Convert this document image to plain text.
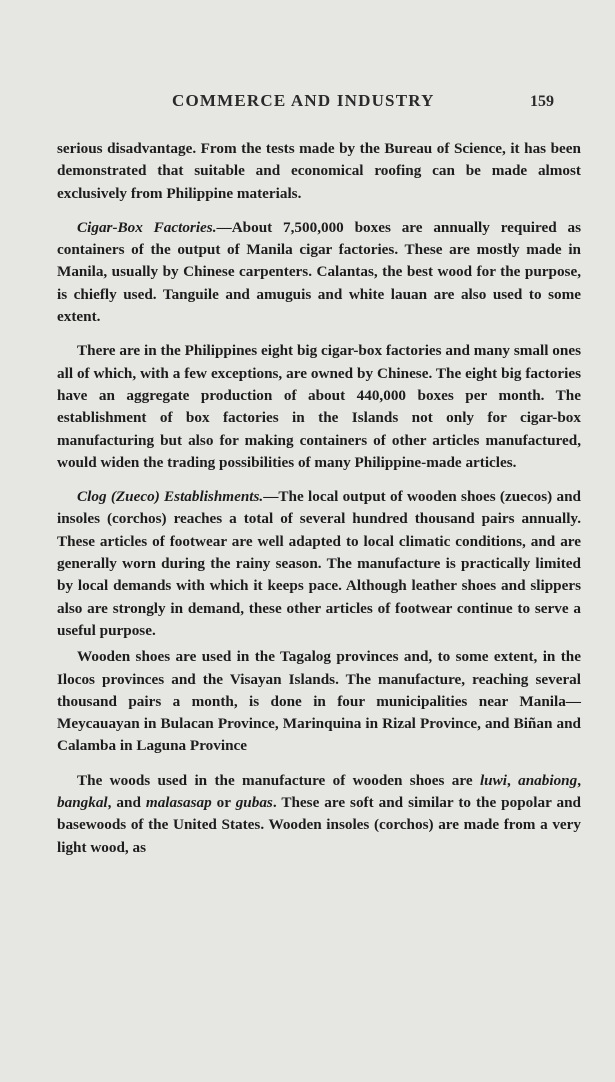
COMMERCE AND INDUSTRY	159

serious disadvantage. From the tests made by the Bureau of Science, it has been demonstrated that suitable and economical roofing can be made almost exclusively from Philippine materials.

Cigar-Box Factories.—About 7,500,000 boxes are annually required as containers of the output of Manila cigar factories. These are mostly made in Manila, usually by Chinese carpenters. Calantas, the best wood for the purpose, is chiefly used. Tanguile and amuguis and white lauan are also used to some extent.

There are in the Philippines eight big cigar-box factories and many small ones all of which, with a few exceptions, are owned by Chinese. The eight big factories have an aggregate production of about 440,000 boxes per month. The establishment of box factories in the Islands not only for cigar-box manufacturing but also for making containers of other articles manufactured, would widen the trading possibilities of many Philippine-made articles.

Clog (Zueco) Establishments.—The local output of wooden shoes (zuecos) and insoles (corchos) reaches a total of several hundred thousand pairs annually. These articles of footwear are well adapted to local climatic conditions, and are generally worn during the rainy season. The manufacture is practically limited by local demands with which it keeps pace. Although leather shoes and slippers also are strongly in demand, these other articles of footwear continue to serve a useful purpose.

Wooden shoes are used in the Tagalog provinces and, to some extent, in the Ilocos provinces and the Visayan Islands. The manufacture, reaching several thousand pairs a month, is done in four municipalities near Manila—Meycauayan in Bulacan Province, Marinquina in Rizal Province, and Biñan and Calamba in Laguna Province

The woods used in the manufacture of wooden shoes are luwi, anabiong, bangkal, and malasasap or gubas. These are soft and similar to the popolar and basewoods of the United States. Wooden insoles (corchos) are made from a very light wood, as
